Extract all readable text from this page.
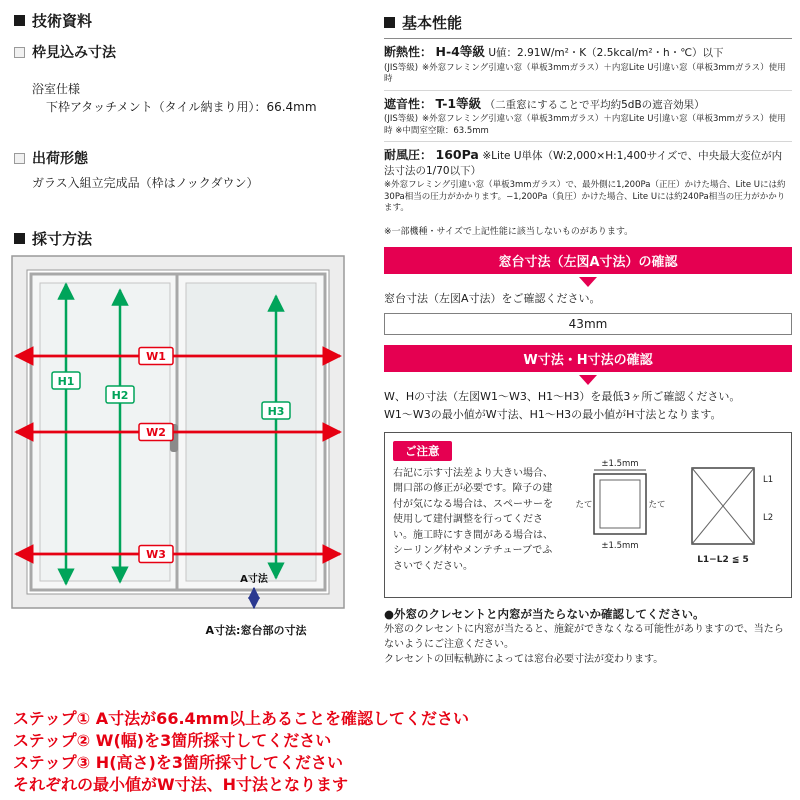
技術資料
枠見込み寸法
浴室仕様
下枠アタッチメント（タイル納まり用）：66.4mm
出荷形態
ガラス入組立完成品（枠はノックダウン）
採寸方法
W1
W2
W3
H1
H2
H3
A寸法
A寸法:窓台部の寸法
基本性能
断熱性： H-4等級 U値：2.91W/m²・K（2.5kcal/m²・h・℃）以下
(JIS等級) ※外窓フレミング引違い窓（単板3mmガラス）＋内窓Lite U引違い窓（単板3mmガラス）使用時
遮音性： T-1等級 （二重窓にすることで平均約5dBの遮音効果）
(JIS等級) ※外窓フレミング引違い窓（単板3mmガラス）＋内窓Lite U引違い窓（単板3mmガラス）使用時 ※中間室空隙：63.5mm
耐風圧： 160Pa ※Lite U単体（W:2,000×H:1,400サイズで、中央最大変位が内法寸法の1/70以下）
※外窓フレミング引違い窓（単板3mmガラス）で、最外側に1,200Pa（正圧）かけた場合、Lite Uには約30Pa相当の圧力がかかります。−1,200Pa（負圧）かけた場合、Lite Uには約240Pa相当の圧力がかかります。
※一部機種・サイズで上記性能に該当しないものがあります。
窓台寸法（左図A寸法）の確認
窓台寸法（左図A寸法）をご確認ください。
43mm
W寸法・H寸法の確認
W、Hの寸法（左図W1〜W3、H1〜H3）を最低3ヶ所ご確認ください。
W1〜W3の最小値がW寸法、H1〜H3の最小値がH寸法となります。
ご注意
右記に示す寸法差より大きい場合、開口部の修正が必要です。障子の建付が気になる場合は、スペーサーを使用して建付調整を行ってください。施工時にすき間がある場合は、シーリング材やメンテチューブでふさいでください。
±1.5mm
たて	たて
±1.5mm
L1
L2
L1−L2 ≦ 5
●外窓のクレセントと内窓が当たらないか確認してください。
外窓のクレセントに内窓が当たると、施錠ができなくなる可能性がありますので、当たらないようにご注意ください。
クレセントの回転軌跡によっては窓台必要寸法が変わります。
ステップ① A寸法が66.4mm以上あることを確認してください
ステップ② W(幅)を3箇所採寸してください
ステップ③ H(高さ)を3箇所採寸してください
それぞれの最小値がW寸法、H寸法となります
